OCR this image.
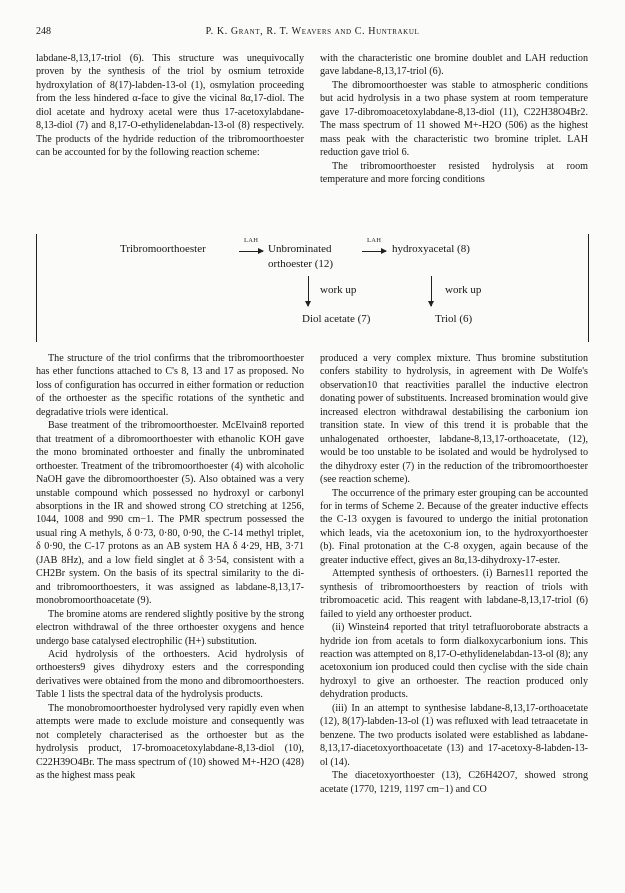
248	P. K. Grant, R. T. Weavers and C. Huntrakul

labdane-8,13,17-triol (6). This structure was unequivocally proven by the synthesis of the triol by osmium tetroxide hydroxylation of 8(17)-labden-13-ol (1), osmylation proceeding from the less hindered α-face to give the vicinal 8α,17-diol. The diol acetate and hydroxy acetal were thus 17-acetoxylabdane-8,13-diol (7) and 8,17-O-ethylidenelabdan-13-ol (8) respectively. The products of the hydride reduction of the tribromoorthoester can be accounted for by the following reaction scheme:

with the characteristic one bromine doublet and LAH reduction gave labdane-8,13,17-triol (6).

The dibromoorthoester was stable to atmospheric conditions but acid hydrolysis in a two phase system at room temperature gave 17-dibromoacetoxylabdane-8,13-diol (11), C22H38O4Br2. The mass spectrum of 11 showed M+-H2O (506) as the highest mass peak with the characteristic two bromine triplet. LAH reduction gave triol 6.

The tribromoorthoester resisted hydrolysis at room temperature and more forcing conditions

Tribromoorthoester
LAH
Unbrominated
orthoester (12)
LAH
hydroxyacetal (8)
work up	work up
Diol acetate (7)	Triol (6)

The structure of the triol confirms that the tribromoorthoester has ether functions attached to C's 8, 13 and 17 as proposed. No loss of configuration has occurred in either formation or reduction of the orthoester as the specific rotations of the synthetic and degradative triols were identical.

Base treatment of the tribromoorthoester. McElvain8 reported that treatment of a dibromoorthoester with ethanolic KOH gave the mono brominated orthoester and finally the unbrominated orthoester. Treatment of the tribromoorthoester (4) with alcoholic NaOH gave the dibromoorthoester (5). Also obtained was a very unstable compound which possessed no hydroxyl or carbonyl absorptions in the IR and showed strong CO stretching at 1256, 1044, 1008 and 990 cm−1. The PMR spectrum possessed the usual ring A methyls, δ 0·73, 0·80, 0·90, the C-14 methyl triplet, δ 0·90, the C-17 protons as an AB system HA δ 4·29, HB, 3·71 (JAB 8Hz), and a low field singlet at δ 3·54, consistent with a CH2Br system. On the basis of its spectral similarity to the di- and tribromoorthoesters, it was assigned as labdane-8,13,17-monobromoorthoacetate (9).

The bromine atoms are rendered slightly positive by the strong electron withdrawal of the three orthoester oxygens and hence undergo base catalysed electrophilic (H+) substitution.

Acid hydrolysis of the orthoesters. Acid hydrolysis of orthoesters9 gives dihydroxy esters and the corresponding derivatives were obtained from the mono and dibromoorthoesters. Table 1 lists the spectral data of the hydrolysis products.

The monobromoorthoester hydrolysed very rapidly even when attempts were made to exclude moisture and consequently was not completely characterised as the orthoester but as the hydrolysis product, 17-bromoacetoxylabdane-8,13-diol (10), C22H39O4Br. The mass spectrum of (10) showed M+-H2O (428) as the highest mass peak

produced a very complex mixture. Thus bromine substitution confers stability to hydrolysis, in agreement with De Wolfe's observation10 that reactivities parallel the inductive electron donating power of substituents. Increased bromination would give increased electron withdrawal destabilising the carbonium ion transition state. In view of this trend it is probable that the unhalogenated orthoester, labdane-8,13,17-orthoacetate, (12), would be too unstable to be isolated and would be hydrolysed to the dihydroxy ester (7) in the reduction of the tribromoorthoester (see reaction scheme).

The occurrence of the primary ester grouping can be accounted for in terms of Scheme 2. Because of the greater inductive effects the C-13 oxygen is favoured to undergo the initial protonation which leads, via the acetoxonium ion, to the hydroxyorthoester (b). Final protonation at the C-8 oxygen, again because of the greater inductive effect, gives an 8α,13-dihydroxy-17-ester.

Attempted synthesis of orthoesters. (i) Barnes11 reported the synthesis of tribromoorthoesters by reaction of triols with tribromoacetic acid. This reagent with labdane-8,13,17-triol (6) failed to yield any orthoester product.

(ii) Winstein4 reported that trityl tetrafluoroborate abstracts a hydride ion from acetals to form dialkoxycarbonium ions. This reaction was attempted on 8,17-O-ethylidenelabdan-13-ol (8); any acetoxonium ion produced could then cyclise with the side chain hydroxyl to give an orthoester. The reaction produced only dehydration products.

(iii) In an attempt to synthesise labdane-8,13,17-orthoacetate (12), 8(17)-labden-13-ol (1) was refluxed with lead tetraacetate in benzene. The two products isolated were established as labdane-8,13,17-diacetoxyorthoacetate (13) and 17-acetoxy-8-labden-13-ol (14).

The diacetoxyorthoester (13), C26H42O7, showed strong acetate (1770, 1219, 1197 cm−1) and CO
